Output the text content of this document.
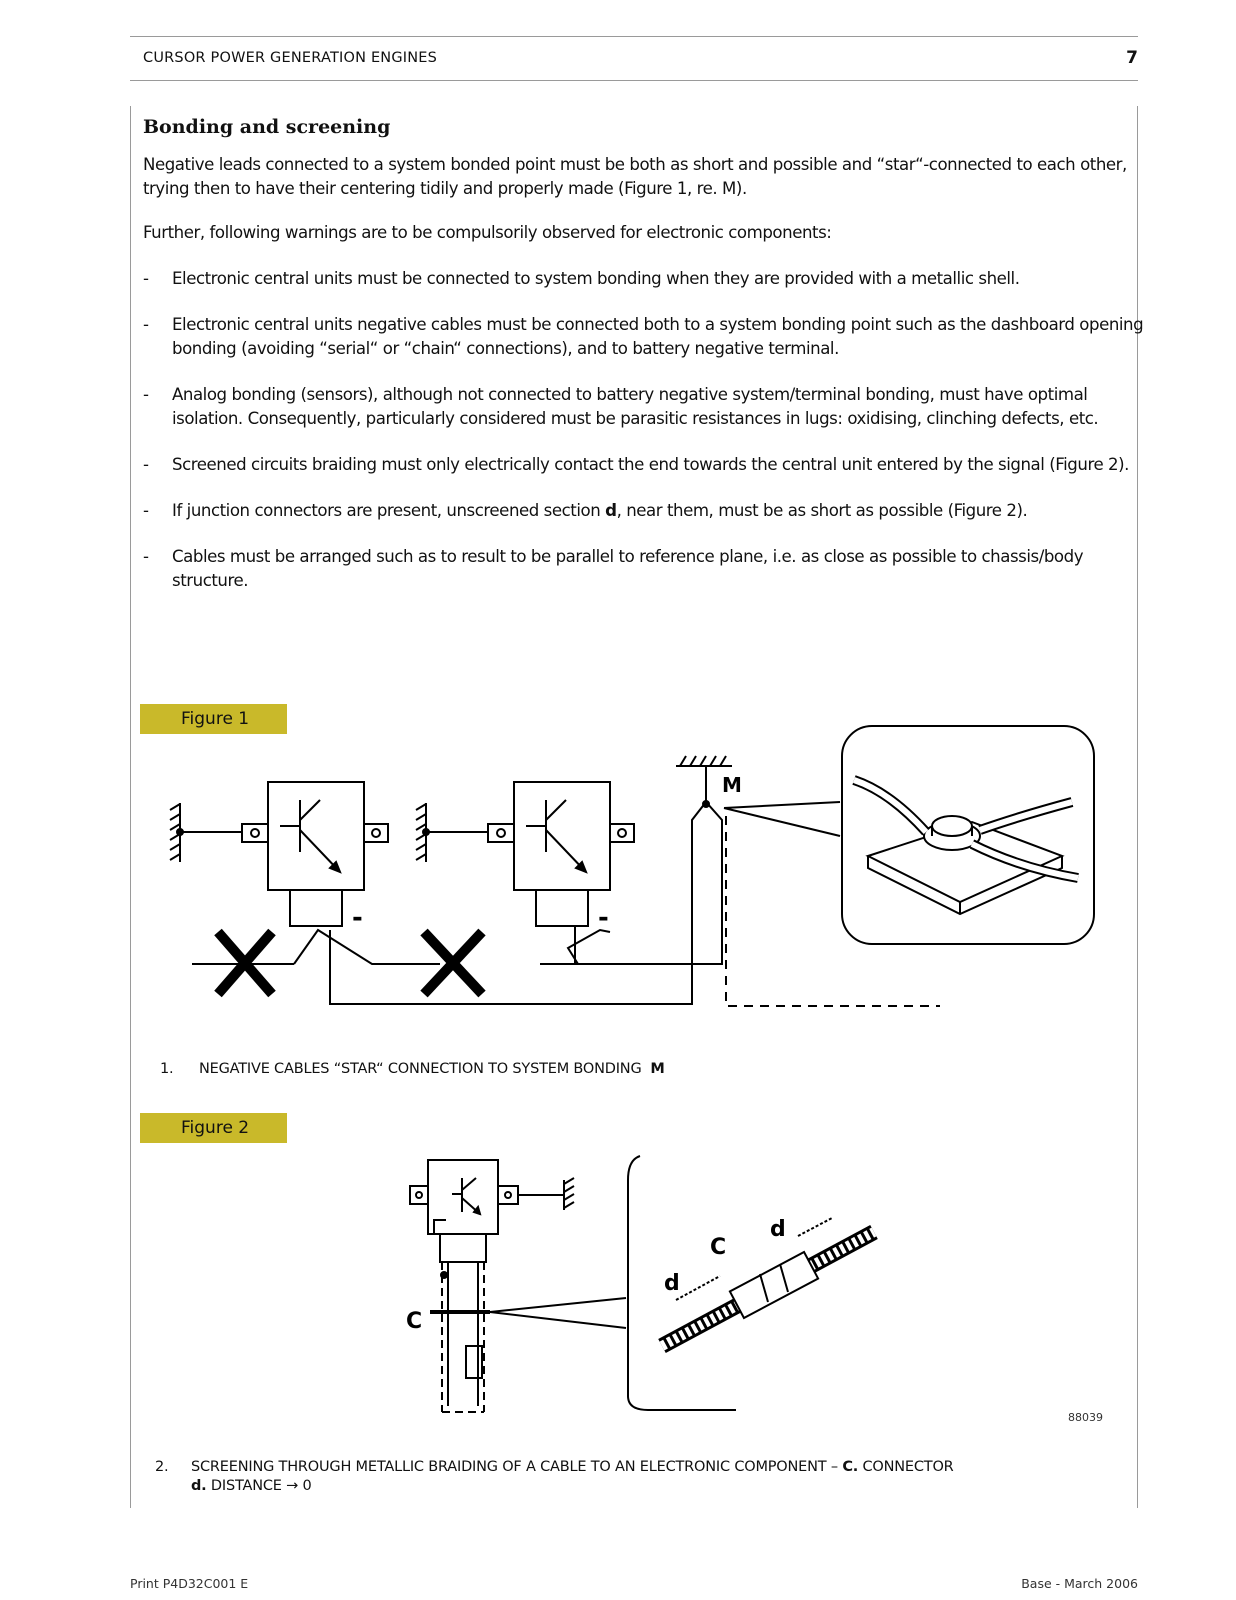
CURSOR POWER GENERATION ENGINES	7
Bonding and screening
Negative leads connected to a system bonded point must be both as short and possible and “star“-connected to each other, trying then to have their centering tidily and properly made (Figure 1, re. M).
Further, following warnings are to be compulsorily observed for electronic components:
- Electronic central units must be connected to system bonding when they are provided with a metallic shell.
- Electronic central units negative cables must be connected both to a system bonding point such as the dashboard opening bonding (avoiding “serial“ or “chain“ connections), and to battery negative terminal.
- Analog bonding (sensors), although not connected to battery negative system/terminal bonding, must have optimal isolation. Consequently, particularly considered must be parasitic resistances in lugs: oxidising, clinching defects, etc.
- Screened circuits braiding must only electrically contact the end towards the central unit entered by the signal (Figure 2).
- If junction connectors are present, unscreened section d, near them, must be as short as possible (Figure 2).
- Cables must be arranged such as to result to be parallel to reference plane, i.e. as close as possible to chassis/body structure.
Figure 1
M
-	-
1. NEGATIVE CABLES “STAR“ CONNECTION TO SYSTEM BONDING M
Figure 2
C
C
d
d
88039
2. SCREENING THROUGH METALLIC BRAIDING OF A CABLE TO AN ELECTRONIC COMPONENT – C. CONNECTOR
d. DISTANCE → 0
Print P4D32C001 E	Base - March 2006
